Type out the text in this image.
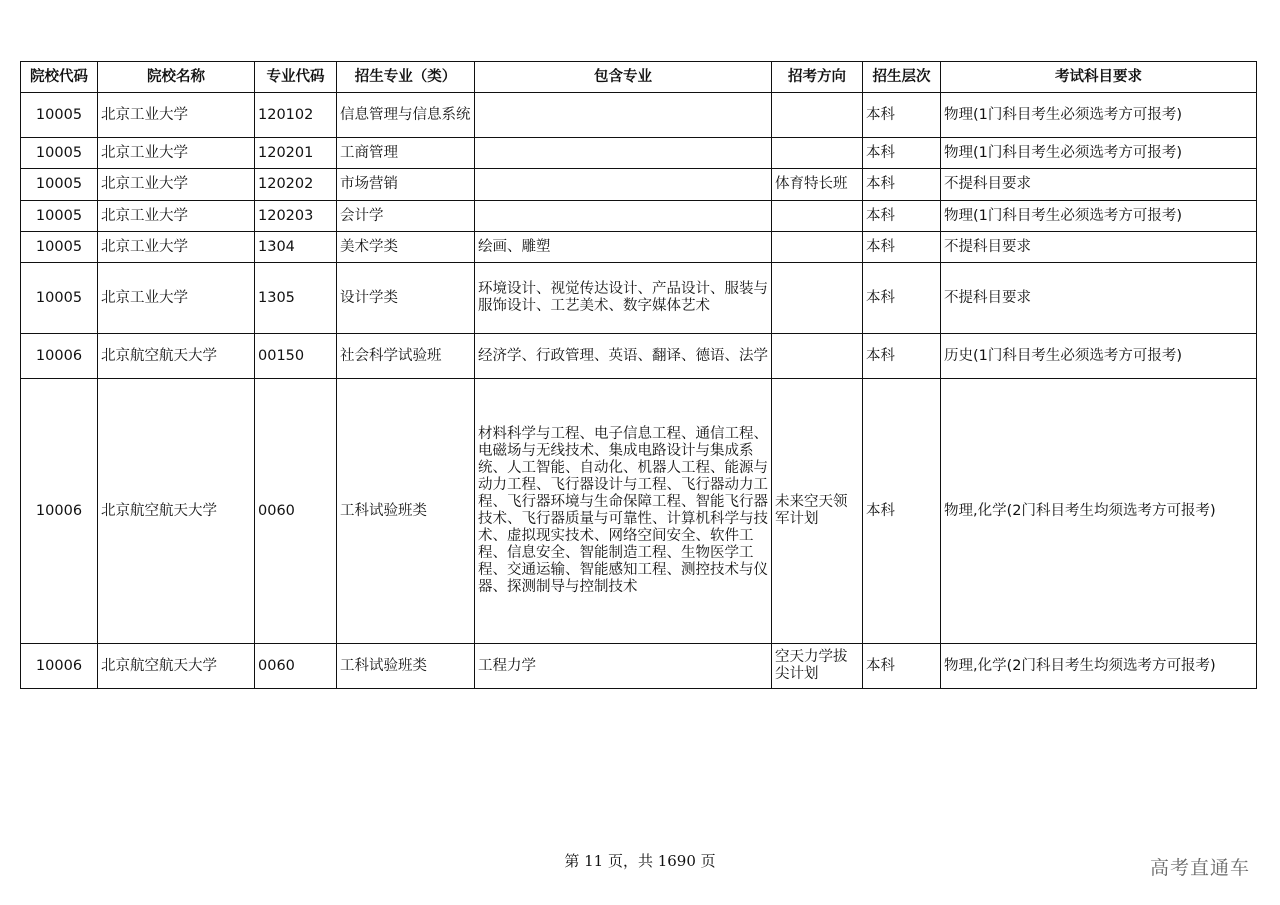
院校代码	院校名称	专业代码	招生专业（类）	包含专业	招考方向	招生层次	考试科目要求
10005	北京工业大学	120102	信息管理与信息系统			本科	物理(1门科目考生必须选考方可报考)
10005	北京工业大学	120201	工商管理			本科	物理(1门科目考生必须选考方可报考)
10005	北京工业大学	120202	市场营销		体育特长班	本科	不提科目要求
10005	北京工业大学	120203	会计学			本科	物理(1门科目考生必须选考方可报考)
10005	北京工业大学	1304	美术学类	绘画、雕塑		本科	不提科目要求
10005	北京工业大学	1305	设计学类	环境设计、视觉传达设计、产品设计、服装与服饰设计、工艺美术、数字媒体艺术		本科	不提科目要求
10006	北京航空航天大学	00150	社会科学试验班	经济学、行政管理、英语、翻译、德语、法学		本科	历史(1门科目考生必须选考方可报考)
10006	北京航空航天大学	0060	工科试验班类	材料科学与工程、电子信息工程、通信工程、电磁场与无线技术、集成电路设计与集成系统、人工智能、自动化、机器人工程、能源与动力工程、飞行器设计与工程、飞行器动力工程、飞行器环境与生命保障工程、智能飞行器技术、飞行器质量与可靠性、计算机科学与技术、虚拟现实技术、网络空间安全、软件工程、信息安全、智能制造工程、生物医学工程、交通运输、智能感知工程、测控技术与仪器、探测制导与控制技术	未来空天领军计划	本科	物理,化学(2门科目考生均须选考方可报考)
10006	北京航空航天大学	0060	工科试验班类	工程力学	空天力学拔尖计划	本科	物理,化学(2门科目考生均须选考方可报考)
第 11 页，共 1690 页	高考直通车
